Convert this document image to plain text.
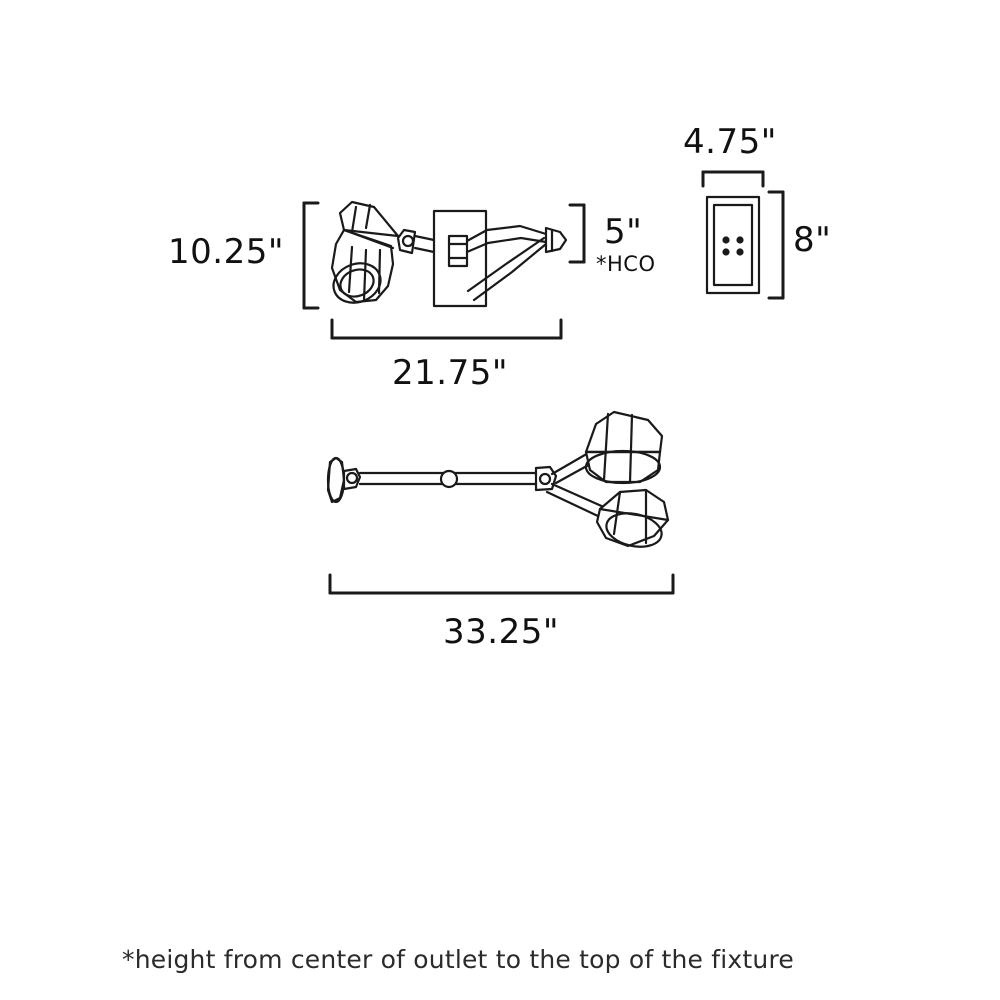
10.25"
21.75"
5"
*HCO
4.75"
8"
33.25"
*height from center of outlet to the top of the fixture
